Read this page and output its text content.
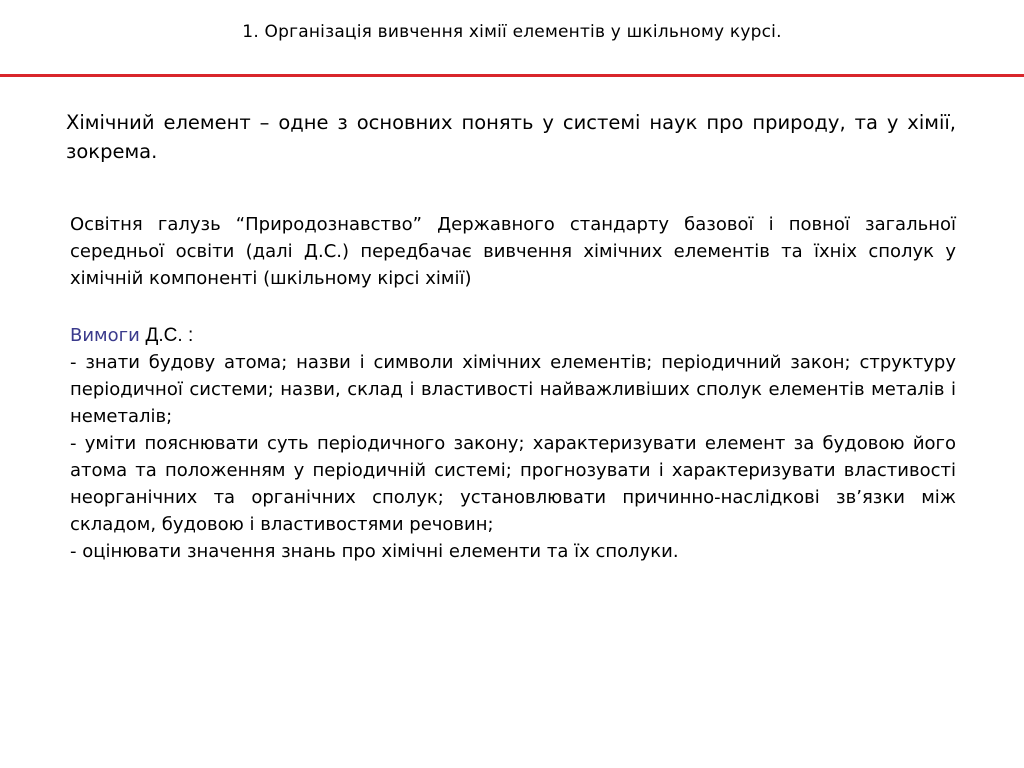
1. Організація вивчення хімії елементів у шкільному курсі.
Хімічний елемент – одне з основних понять у системі наук про природу, та у хімії, зокрема.

Освітня галузь “Природознавство” Державного стандарту базової і повної загальної середньої освіти (далі Д.С.) передбачає вивчення хімічних елементів та їхніх сполук у хімічній компоненті (шкільному кірсі хімії)

Вимоги Д.С. :

- знати будову атома; назви і символи хімічних елементів; періодичний закон; структуру періодичної системи; назви, склад і властивості найважливіших сполук елементів металів і неметалів;
- уміти пояснювати суть періодичного закону; характеризувати елемент за будовою його атома та положенням у періодичній системі; прогнозувати і характеризувати властивості неорганічних та органічних сполук; установлювати причинно-наслідкові зв’язки між складом, будовою і властивостями речовин;
- оцінювати значення знань про хімічні елементи та їх сполуки.
